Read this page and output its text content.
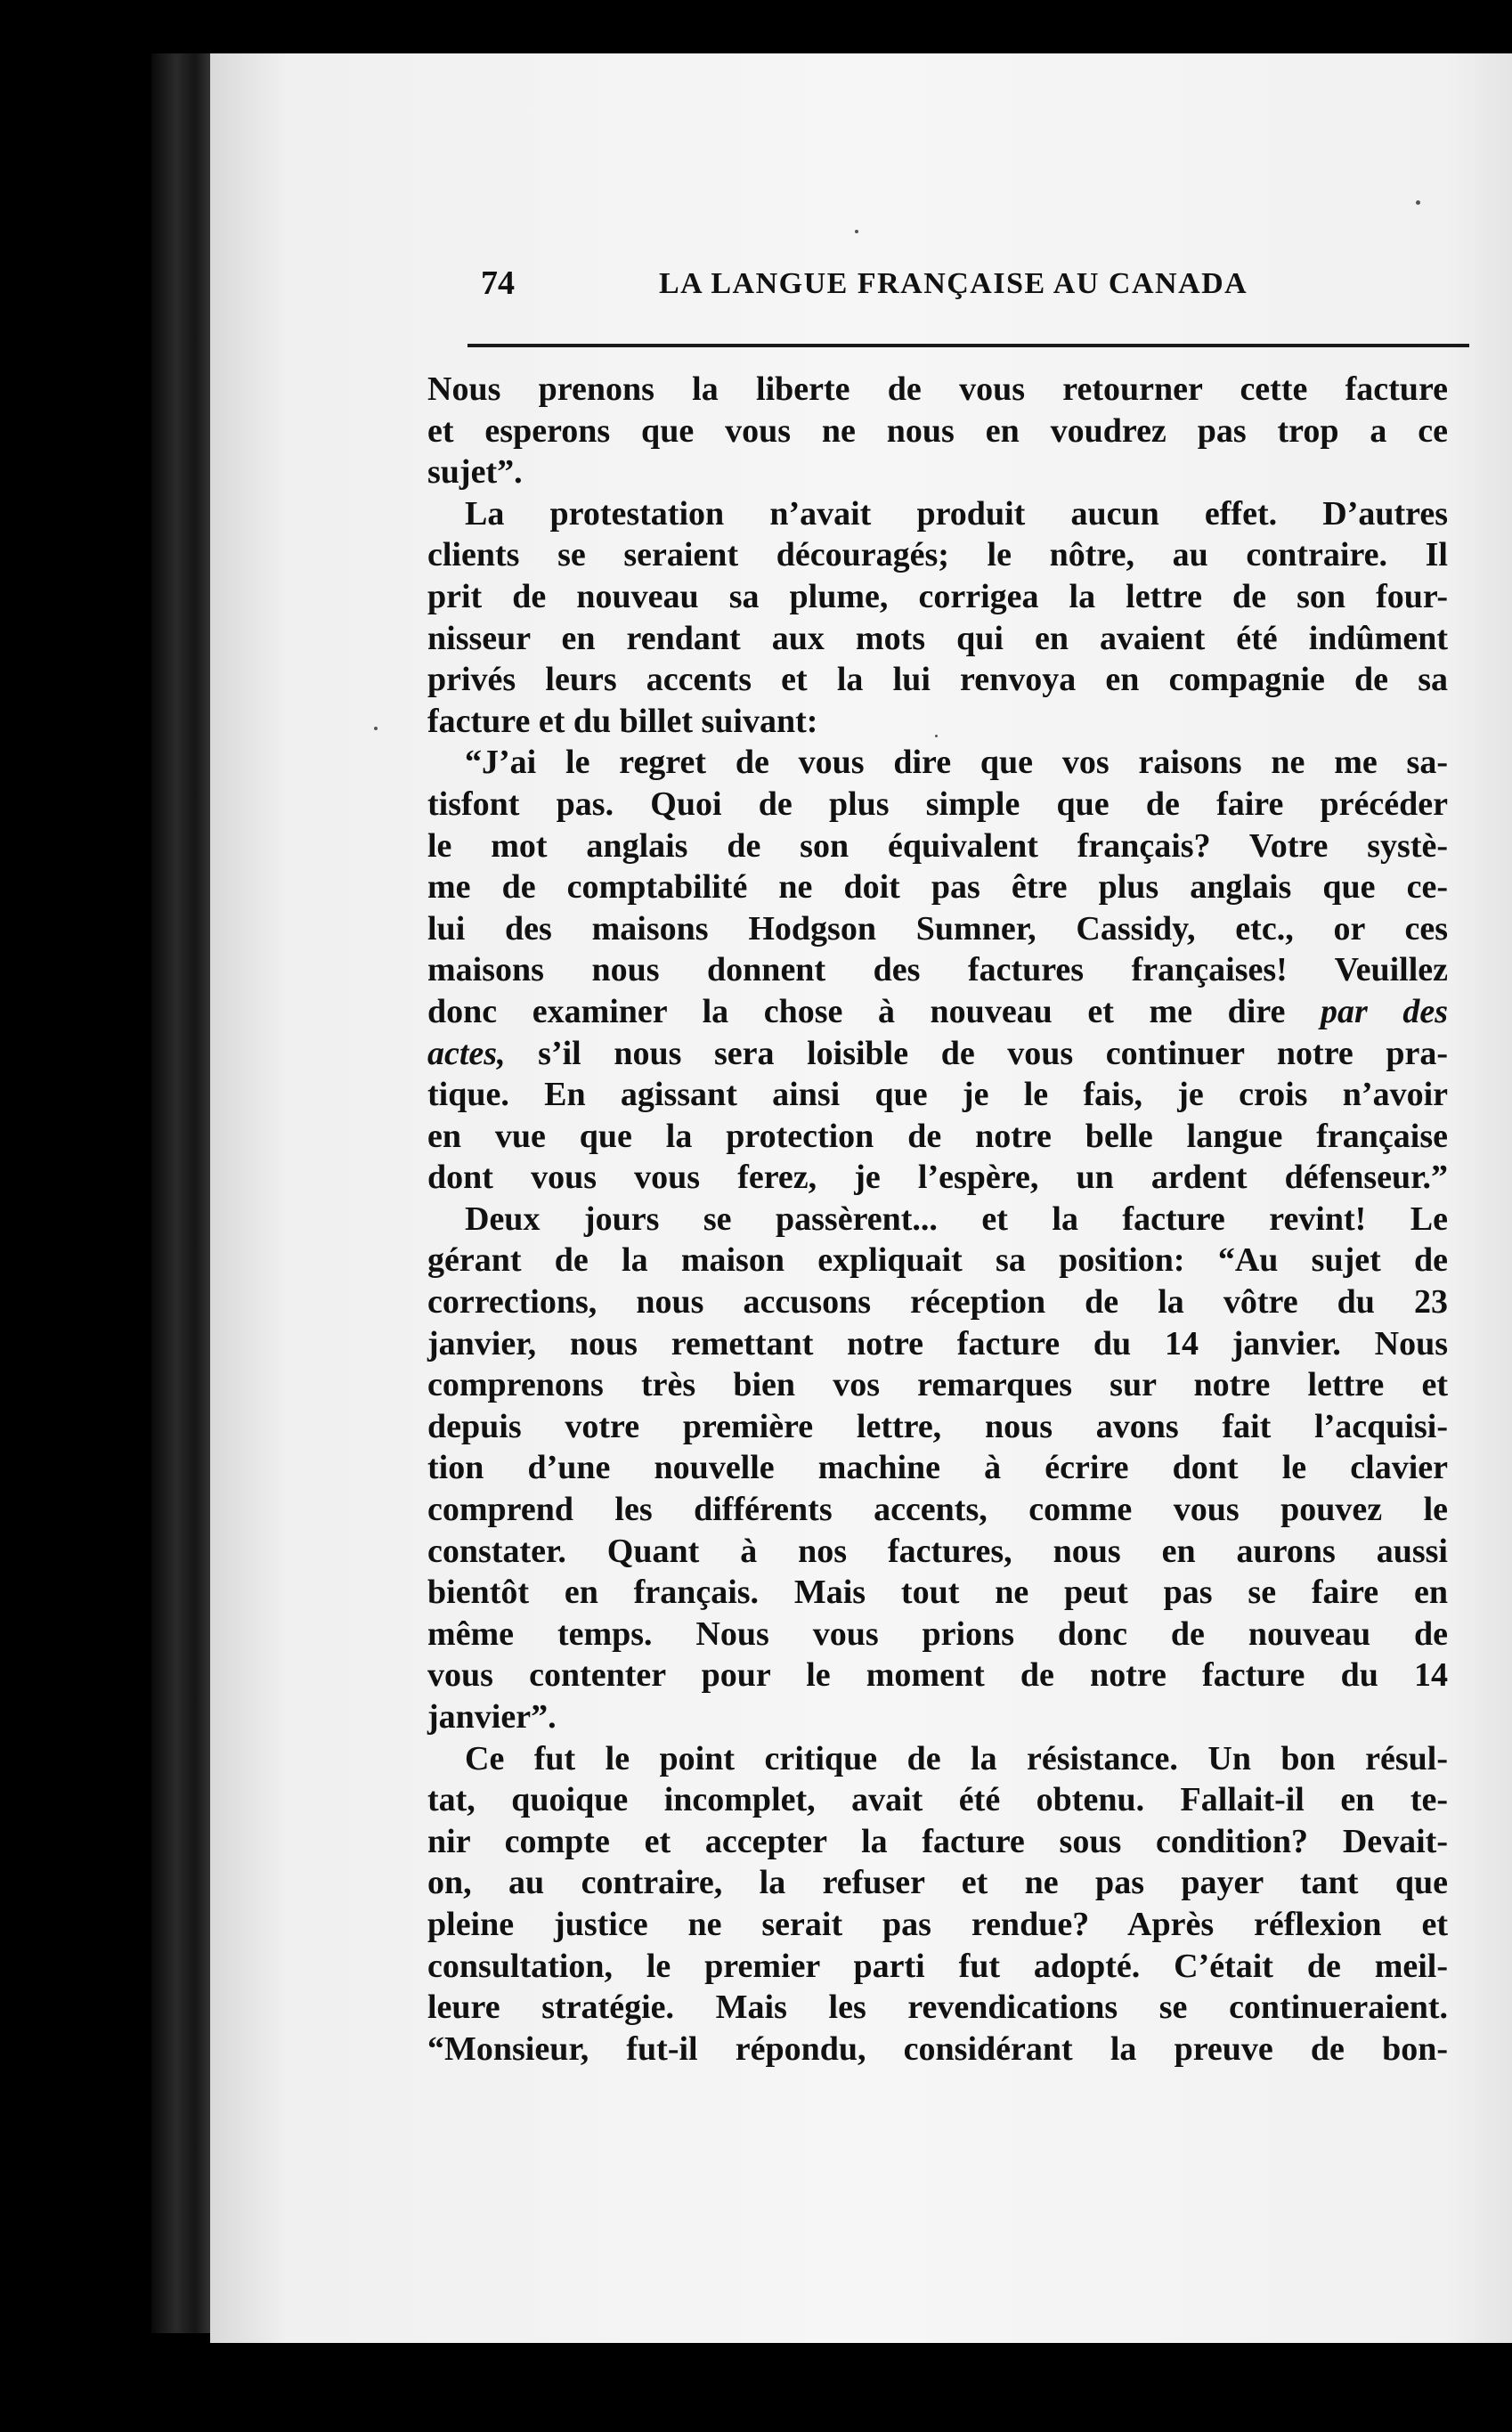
74	LA LANGUE FRANÇAISE AU CANADA
Nous prenons la liberte de vous retourner cette facture
et esperons que vous ne nous en voudrez pas trop a ce
sujet”.
La protestation n’avait produit aucun effet. D’autres
clients se seraient découragés; le nôtre, au contraire. Il
prit de nouveau sa plume, corrigea la lettre de son four-
nisseur en rendant aux mots qui en avaient été indûment
privés leurs accents et la lui renvoya en compagnie de sa
facture et du billet suivant:
“J’ai le regret de vous dire que vos raisons ne me sa-
tisfont pas. Quoi de plus simple que de faire précéder
le mot anglais de son équivalent français? Votre systè-
me de comptabilité ne doit pas être plus anglais que ce-
lui des maisons Hodgson Sumner, Cassidy, etc., or ces
maisons nous donnent des factures françaises! Veuillez
donc examiner la chose à nouveau et me dire par des
actes, s’il nous sera loisible de vous continuer notre pra-
tique. En agissant ainsi que je le fais, je crois n’avoir
en vue que la protection de notre belle langue française
dont vous vous ferez, je l’espère, un ardent défenseur.”
Deux jours se passèrent... et la facture revint! Le
gérant de la maison expliquait sa position: “Au sujet de
corrections, nous accusons réception de la vôtre du 23
janvier, nous remettant notre facture du 14 janvier. Nous
comprenons très bien vos remarques sur notre lettre et
depuis votre première lettre, nous avons fait l’acquisi-
tion d’une nouvelle machine à écrire dont le clavier
comprend les différents accents, comme vous pouvez le
constater. Quant à nos factures, nous en aurons aussi
bientôt en français. Mais tout ne peut pas se faire en
même temps. Nous vous prions donc de nouveau de
vous contenter pour le moment de notre facture du 14
janvier”.
Ce fut le point critique de la résistance. Un bon résul-
tat, quoique incomplet, avait été obtenu. Fallait-il en te-
nir compte et accepter la facture sous condition? Devait-
on, au contraire, la refuser et ne pas payer tant que
pleine justice ne serait pas rendue? Après réflexion et
consultation, le premier parti fut adopté. C’était de meil-
leure stratégie. Mais les revendications se continueraient.
“Monsieur, fut-il répondu, considérant la preuve de bon-
